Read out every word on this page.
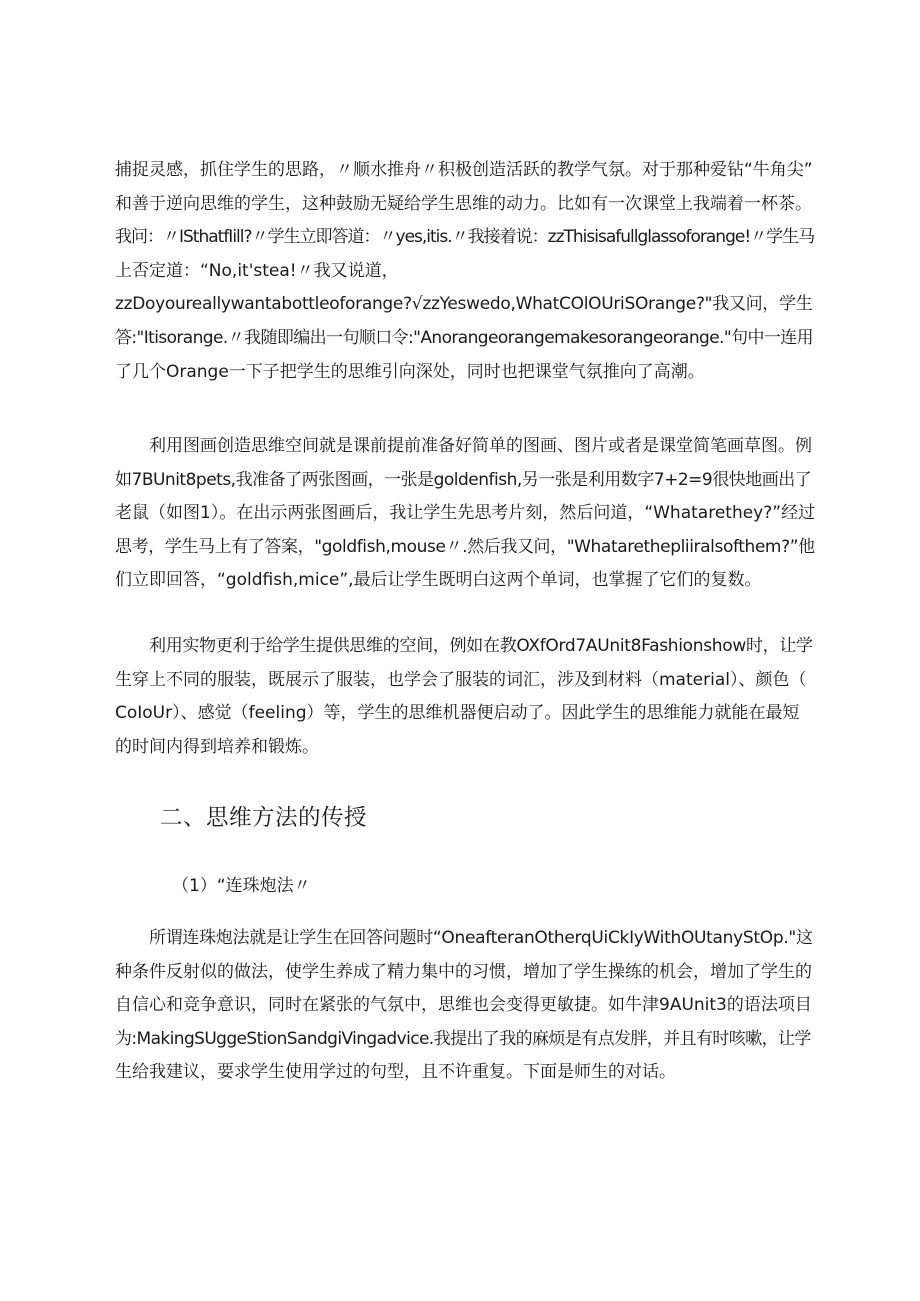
捕捉灵感，抓住学生的思路，〃顺水推舟〃积极创造活跃的教学气氛。对于那种爱钻“牛角尖”
和善于逆向思维的学生，这种鼓励无疑给学生思维的动力。比如有一次课堂上我端着一杯茶。
我问：〃ISthatfIill?〃学生立即答道：〃yes,itis.〃我接着说：zzThisisafullglassoforange!〃学生马
上否定道：“No,it'stea!〃我又说道，
zzDoyoureallywantabottleoforange?√zzYeswedo,WhatCOlOUriSOrange?"我又问，学生
答:"Itisorange.〃我随即编出一句顺口令:"Anorangeorangemakesorangeorange."句中一连用
了几个Orange一下子把学生的思维引向深处，同时也把课堂气氛推向了高潮。
利用图画创造思维空间就是课前提前准备好简单的图画、图片或者是课堂简笔画草图。例
如7BUnit8pets,我准备了两张图画，一张是goldenfish,另一张是利用数字7+2=9很快地画出了
老鼠（如图1）。在出示两张图画后，我让学生先思考片刻，然后问道，“Whatarethey?”经过
思考，学生马上有了答案，"goldfish,mouse〃.然后我又问，"Whatarethepliiralsofthem?”他
们立即回答，“goldfish,mice”,最后让学生既明白这两个单词，也掌握了它们的复数。
利用实物更利于给学生提供思维的空间，例如在教OXfOrd7AUnit8Fashionshow时，让学
生穿上不同的服装，既展示了服装，也学会了服装的词汇，涉及到材料（material）、颜色（
CoIoUr）、感觉（feeling）等，学生的思维机器便启动了。因此学生的思维能力就能在最短
的时间内得到培养和锻炼。
二、思维方法的传授
（1）“连珠炮法〃
所谓连珠炮法就是让学生在回答问题时“OneafteranOtherqUiCkIyWithOUtanyStOp."这
种条件反射似的做法，使学生养成了精力集中的习惯，增加了学生操练的机会，增加了学生的
自信心和竞争意识，同时在紧张的气氛中，思维也会变得更敏捷。如牛津9AUnit3的语法项目
为:MakingSUggeStionSandgiVingadvice.我提出了我的麻烦是有点发胖，并且有时咳嗽，让学
生给我建议，要求学生使用学过的句型，且不许重复。下面是师生的对话。
